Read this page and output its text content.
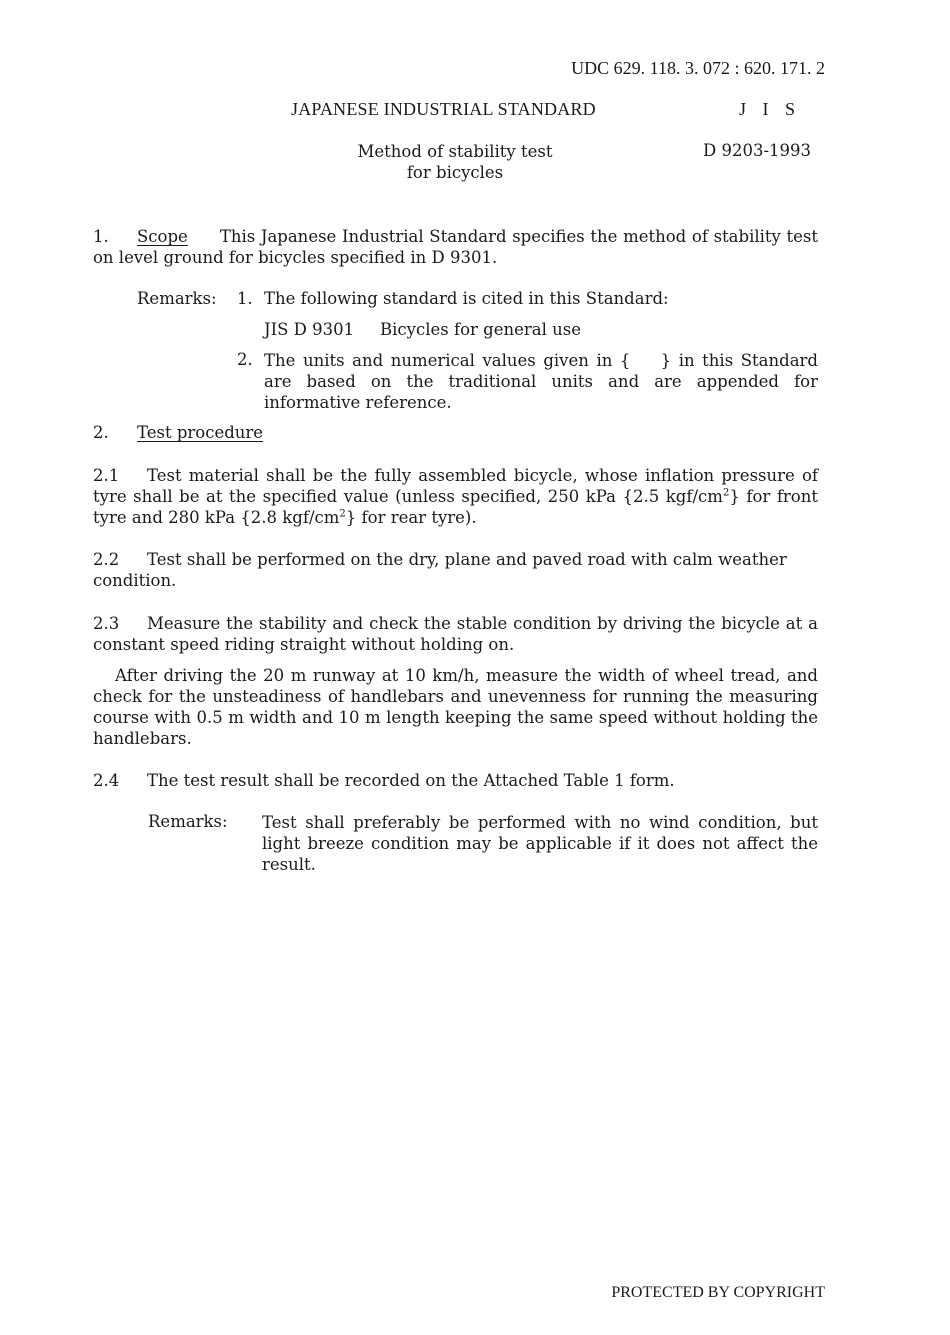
UDC 629. 118. 3. 072 : 620. 171. 2
JAPANESE INDUSTRIAL STANDARD	J I S
Method of stability test
for bicycles
D 9203-1993
1. Scope This Japanese Industrial Standard specifies the method of stability test on level ground for bicycles specified in D 9301.
Remarks: 1. The following standard is cited in this Standard:
JIS D 9301 Bicycles for general use
2. The units and numerical values given in {    } in this Standard are based on the traditional units and are appended for informative reference.
2. Test procedure
2.1 Test material shall be the fully assembled bicycle, whose inflation pressure of tyre shall be at the specified value (unless specified, 250 kPa {2.5 kgf/$cm^2$} for front tyre and 280 kPa {2.8 kgf/$cm^2$} for rear tyre).
2.2 Test shall be performed on the dry, plane and paved road with calm weather condition.
2.3 Measure the stability and check the stable condition by driving the bicycle at a constant speed riding straight without holding on.
After driving the 20 m runway at 10 km/h, measure the width of wheel tread, and check for the unsteadiness of handlebars and unevenness for running the measuring course with 0.5 m width and 10 m length keeping the same speed without holding the handlebars.
2.4 The test result shall be recorded on the Attached Table 1 form.
Remarks: Test shall preferably be performed with no wind condition, but light breeze condition may be applicable if it does not affect the result.
PROTECTED BY COPYRIGHT
